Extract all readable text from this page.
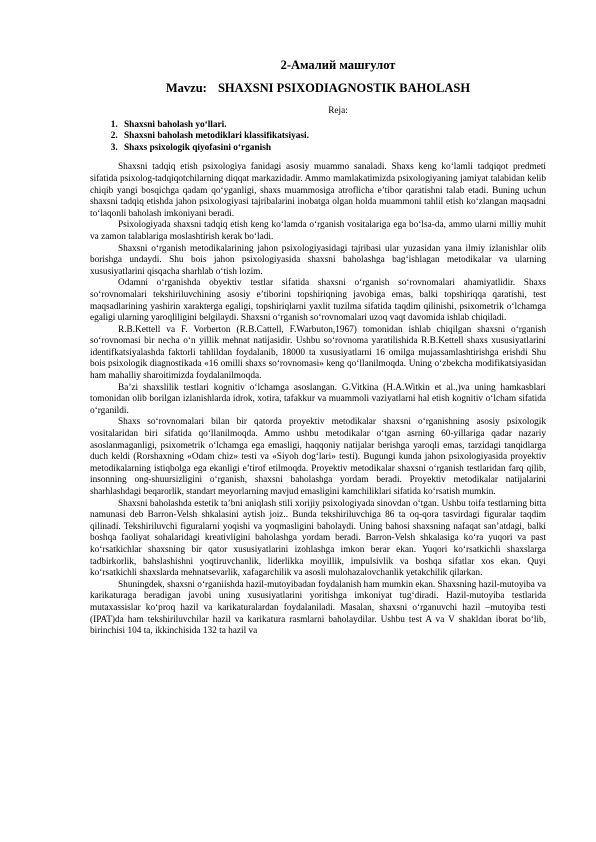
2-Амалий машғулот
Mavzu: SHAXSNI PSIXODIAGNOSTIK BAHOLASH
Reja:
1. Shaxsni baholash yo‘llari.
2. Shaxsni baholash metodiklari klassifikatsiyasi.
3. Shaxs psixologik qiyofasini o‘rganish

Shaxsni tadqiq etish psixologiya fanidagi asosiy muammo sanaladi. Shaxs keng ko‘lamli tadqiqot predmeti sifatida psixolog-tadqiqotchilarning diqqat markazidadir. Ammo mamlakatimizda psixologiyaning jamiyat talabidan kelib chiqib yangi bosqichga qadam qo‘yganligi, shaxs muammosiga atroflicha e’tibor qaratishni talab etadi. Buning uchun shaxsni tadqiq etishda jahon psixologiyasi tajribalarini inobatga olgan holda muammoni tahlil etish ko‘zlangan maqsadni to‘laqonli baholash imkoniyani beradi.

Psixologiyada shaxsni tadqiq etish keng ko‘lamda o‘rganish vositalariga ega bo‘lsa-da, ammo ularni milliy muhit va zamon talablariga moslashtirish kerak bo‘ladi.

Shaxsni o‘rganish metodikalarining jahon psixologiyasidagi tajribasi ular yuzasidan yana ilmiy izlanishlar olib borishga undaydi. Shu bois jahon psixologiyasida shaxsni baholashga bag‘ishlagan metodikalar va ularning xususiyatlarini qisqacha sharhlab o‘tish lozim.

Odamni o‘rganishda obyektiv testlar sifatida shaxsni o‘rganish so‘rovnomalari ahamiyatlidir. Shaxs so‘rovnomalari tekshiriluvchining asosiy e’tiborini topshiriqning javobiga emas, balki topshiriqqa qaratishi, test maqsadlarining yashirin xarakterga egaligi, topshiriqlarni yaxlit tuzilma sifatida taqdim qilinishi, psixometrik o‘lchamga egaligi ularning yaroqliligini belgilaydi. Shaxsni o‘rganish so‘rovnomalari uzoq vaqt davomida ishlab chiqiladi.

R.B.Kettell va F. Vorberton (R.B.Cattell, F.Warbuton,1967) tomonidan ishlab chiqilgan shaxsni o‘rganish so‘rovnomasi bir necha o‘n yillik mehnat natijasidir. Ushbu so‘rovnoma yaratilishida R.B.Kettell shaxs xususiyatlarini identifkatsiyalashda faktorli tahlildan foydalanib, 18000 ta xususiyatlarni 16 omilga mujassamlashtirishga erishdi Shu bois psixologik diagnostikada «16 omilli shaxs so‘rovnomasi» keng qo‘llanilmoqda. Uning o‘zbekcha modifikatsiyasidan ham mahalliy sharoitimizda foydalanilmoqda.

Ba’zi shaxslilik testlari kognitiv o‘lchamga asoslangan. G.Vitkina (H.A.Witkin et al.,)va uning hamkasblari tomonidan olib borilgan izlanishlarda idrok, xotira, tafakkur va muammoli vaziyatlarni hal etish kognitiv o‘lcham sifatida o‘rganildi.

Shaxs so‘rovnomalari bilan bir qatorda proyektiv metodikalar shaxsni o‘rganishning asosiy psixologik vositalaridan biri sifatida qo‘llanilmoqda. Ammo ushbu metodikalar o‘tgan asrning 60-yillariga qadar nazariy asoslanmaganligi, psixometrik o‘lchamga ega emasligi, haqqoniy natijalar berishga yaroqli emas, tarzidagi tanqidlarga duch keldi (Rorshaxning «Odam chiz» testi va «Siyoh dog‘lari» testi). Bugungi kunda jahon psixologiyasida proyektiv metodikalarning istiqbolga ega ekanligi e’tirof etilmoqda. Proyektiv metodikalar shaxsni o‘rganish testlaridan farq qilib, insonning ong-shuursizligini o‘rganish, shaxsni baholashga yordam beradi. Proyektiv metodikalar natijalarini sharhlashdagi beqarorlik, standart meyorlarning mavjud emasligini kamchiliklari sifatida ko‘rsatish mumkin.

Shaxsni baholashda estetik ta’bni aniqlash stili xorijiy psixologiyada sinovdan o‘tgan. Ushbu toifa testlarning bitta namunasi deb Barron-Velsh shkalasini aytish joiz.. Bunda tekshiriluvchiga 86 ta oq-qora tasvirdagi figuralar taqdim qilinadi. Tekshiriluvchi figuralarni yoqishi va yoqmasligini baholaydi. Uning bahosi shaxsning nafaqat san’atdagi, balki boshqa faoliyat sohalaridagi kreativligini baholashga yordam beradi. Barron-Velsh shkalasiga ko‘ra yuqori va past ko‘rsatkichlar shaxsning bir qator xususiyatlarini izohlashga imkon berar ekan. Yuqori ko‘rsatkichli shaxslarga tadbirkorlik, bahslashishni yoqtiruvchanlik, liderlikka moyillik, impulsivlik va boshqa sifatlar xos ekan. Quyi ko‘rsatkichli shaxslarda mehnatsevarlik, xafagarchilik va asosli mulohazalovchanlik yetakchilik qilarkan.

Shuningdek, shaxsni o‘rganiishda hazil-mutoyibadan foydalanish ham mumkin ekan. Shaxsning hazil-mutoyiba va karikaturaga beradigan javobi uning xususiyatlarini yoritishga imkoniyat tug‘diradi. Hazil-mutoyiba testlarida mutaxassislar ko‘proq hazil va karikaturalardan foydalaniladi. Masalan, shaxsni o‘rganuvchi hazil –mutoyiba testi (IPAT)da ham tekshiriluvchilar hazil va karikatura rasmlarni baholaydilar. Ushbu test A va V shakldan iborat bo‘lib, birinchisi 104 ta, ikkinchisida 132 ta hazil va
